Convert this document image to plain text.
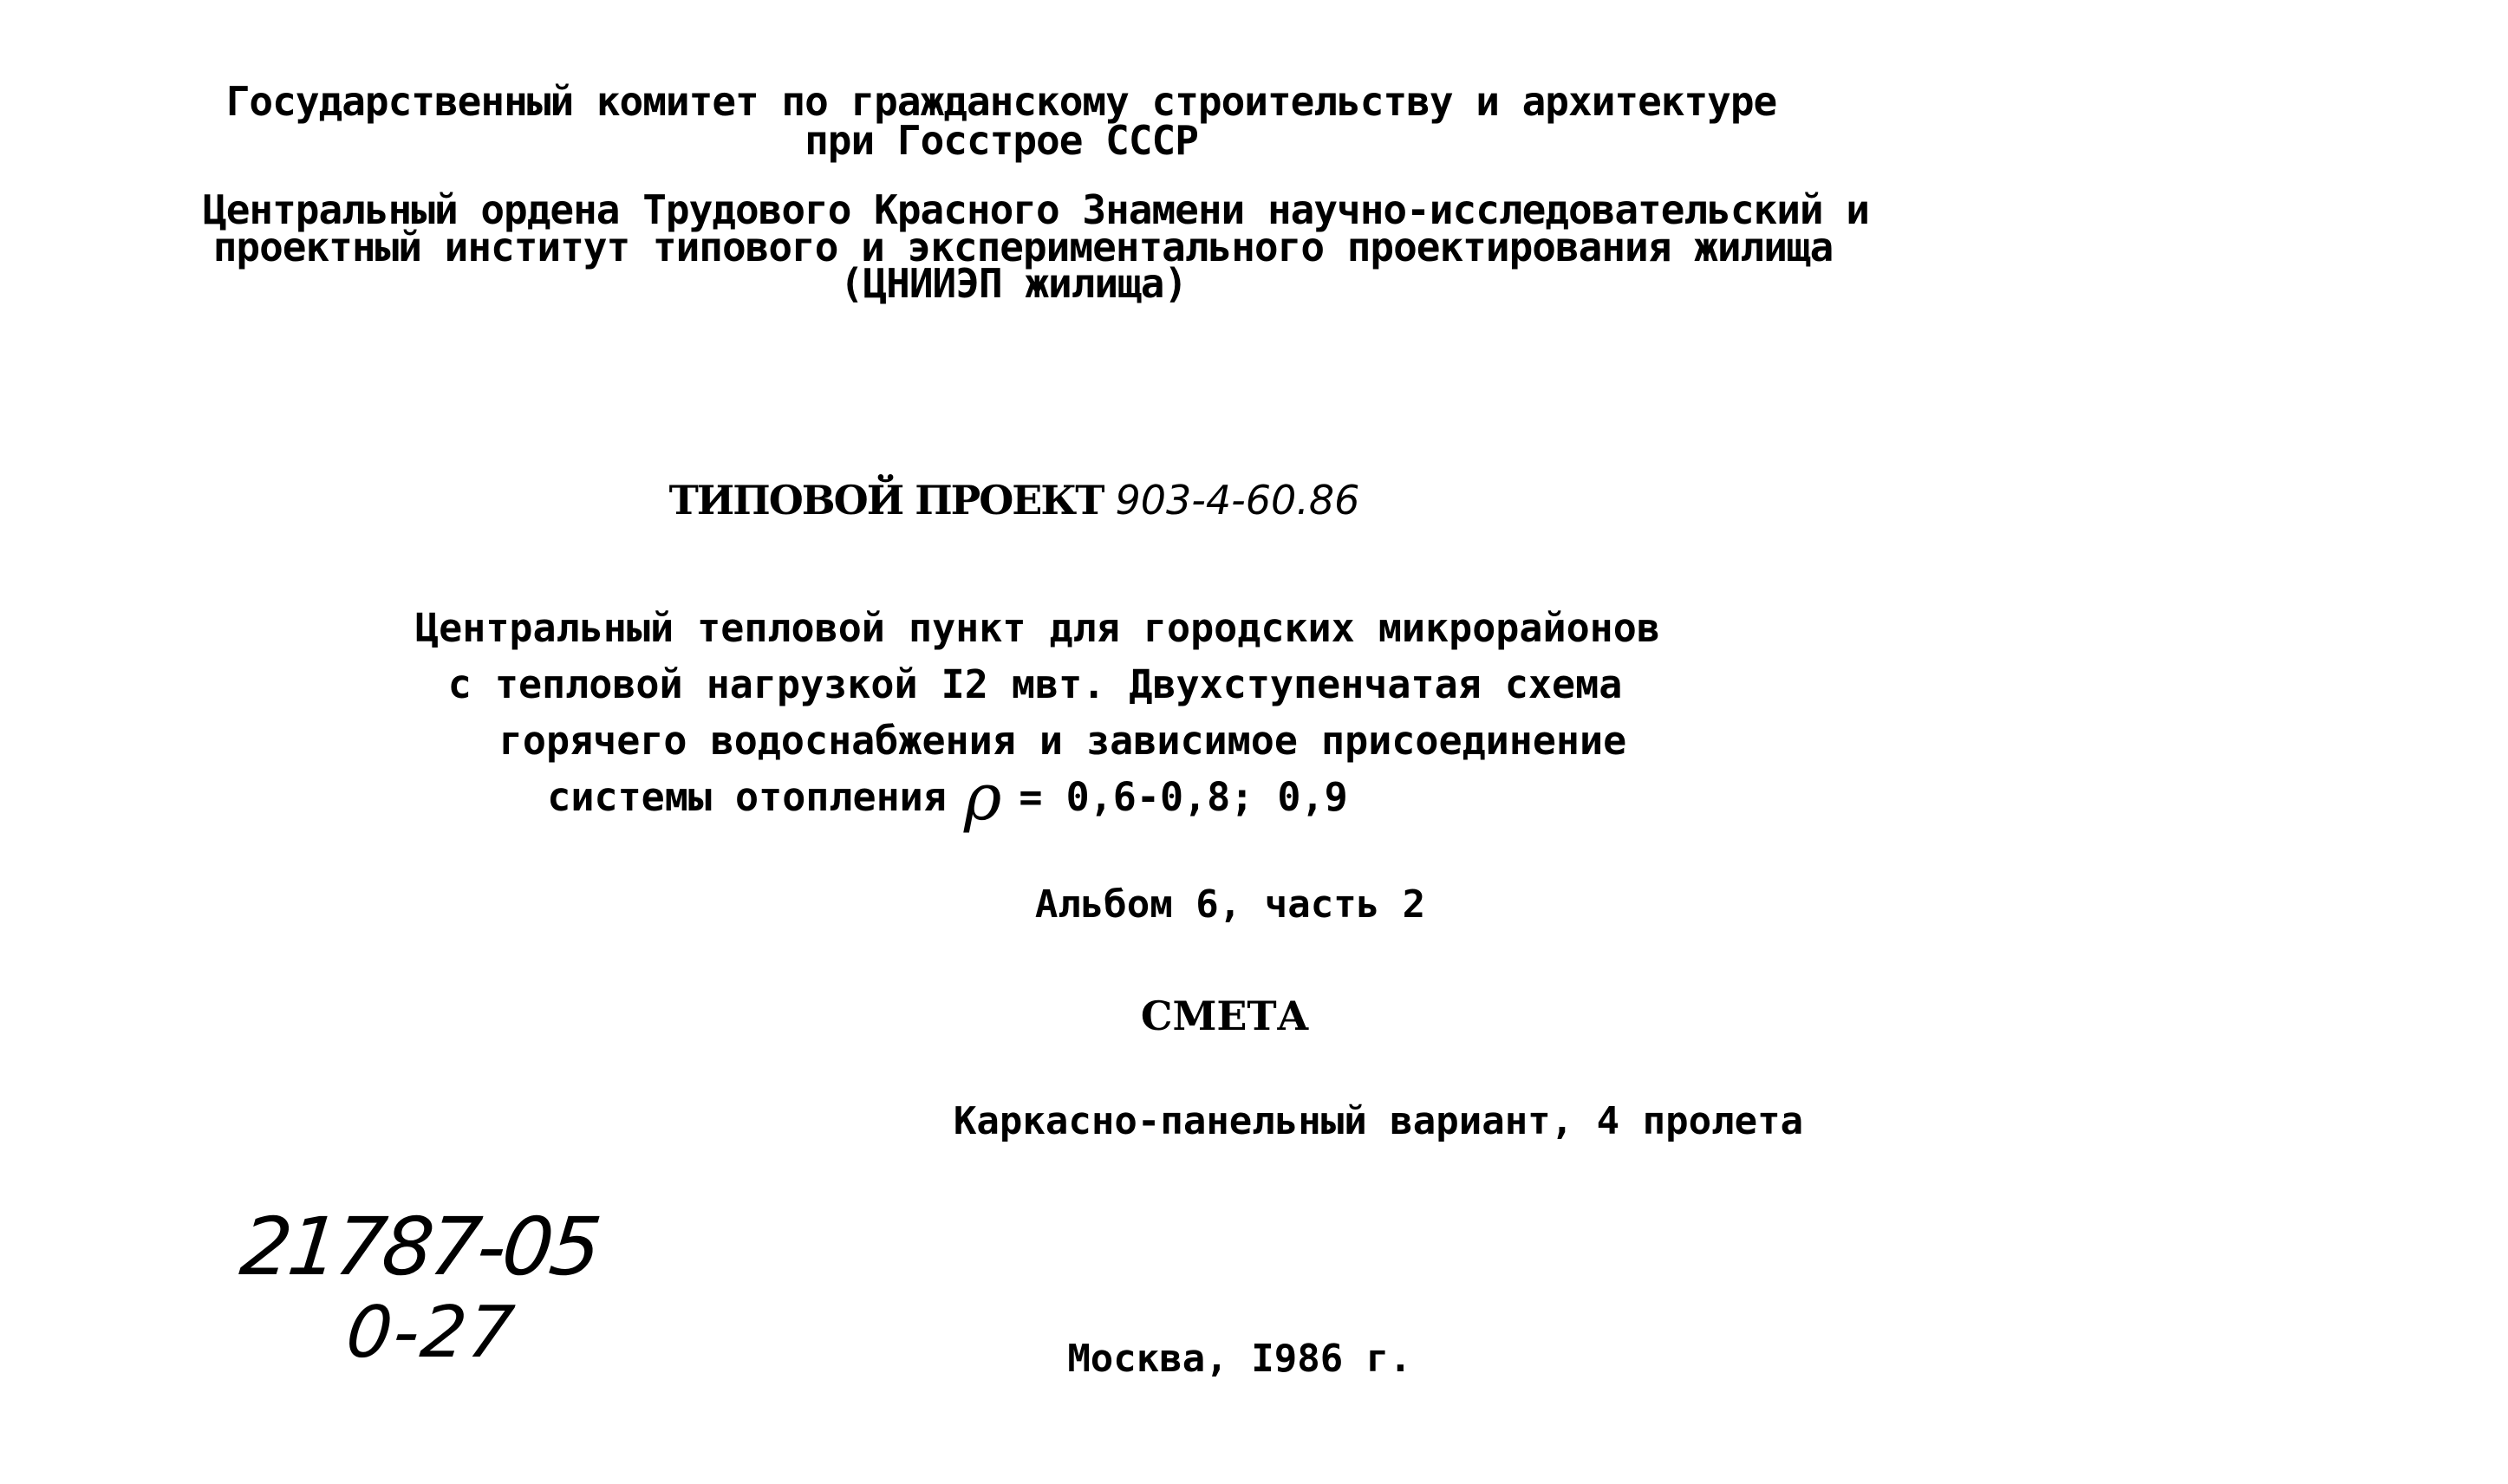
Государственный комитет по гражданскому строительству и архитектуре
при Госстрое СССР
Центральный ордена Трудового Красного Знамени научно-исследовательский и
проектный институт типового и экспериментального проектирования жилища
(ЦНИИЭП жилища)
ТИПОВОЙ ПРОЕКТ 903-4-60.86
Центральный тепловой пункт для городских микрорайонов
с тепловой нагрузкой I2 мвт. Двухступенчатая схема
горячего водоснабжения и зависимое присоединение
системы отопления ρ = 0,6-0,8; 0,9
Альбом 6, часть 2
СМЕТА
Каркасно-панельный вариант, 4 пролета
21787-05
0-27	Москва, I986 г.
